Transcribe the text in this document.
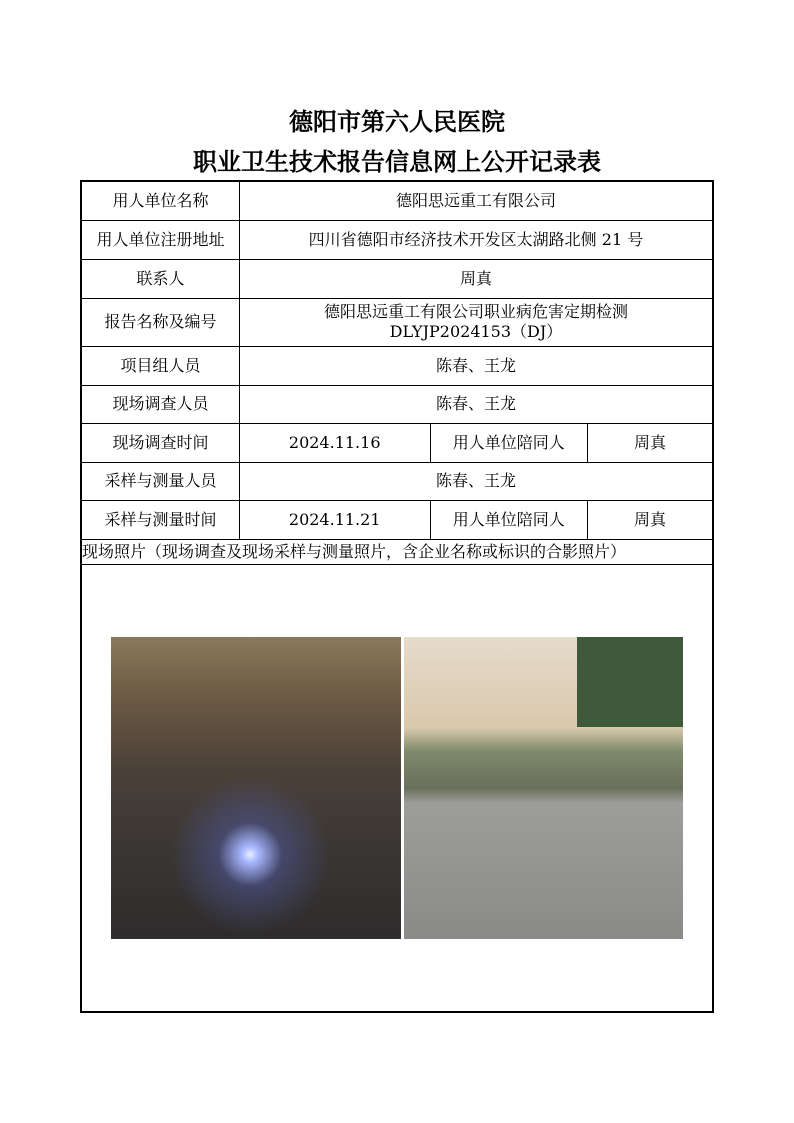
德阳市第六人民医院
职业卫生技术报告信息网上公开记录表
用人单位名称	德阳思远重工有限公司		
用人单位注册地址	四川省德阳市经济技术开发区太湖路北侧 21 号		
联系人	周真		
报告名称及编号	德阳思远重工有限公司职业病危害定期检测
DLYJP2024153（DJ）		

项目组人员	陈春、王龙		
现场调查人员	陈春、王龙		
现场调查时间	2024.11.16	用人单位陪同人	周真
采样与测量人员	陈春、王龙		
采样与测量时间	2024.11.21	用人单位陪同人	周真
现场照片（现场调查及现场采样与测量照片，含企业名称或标识的合影照片）			
